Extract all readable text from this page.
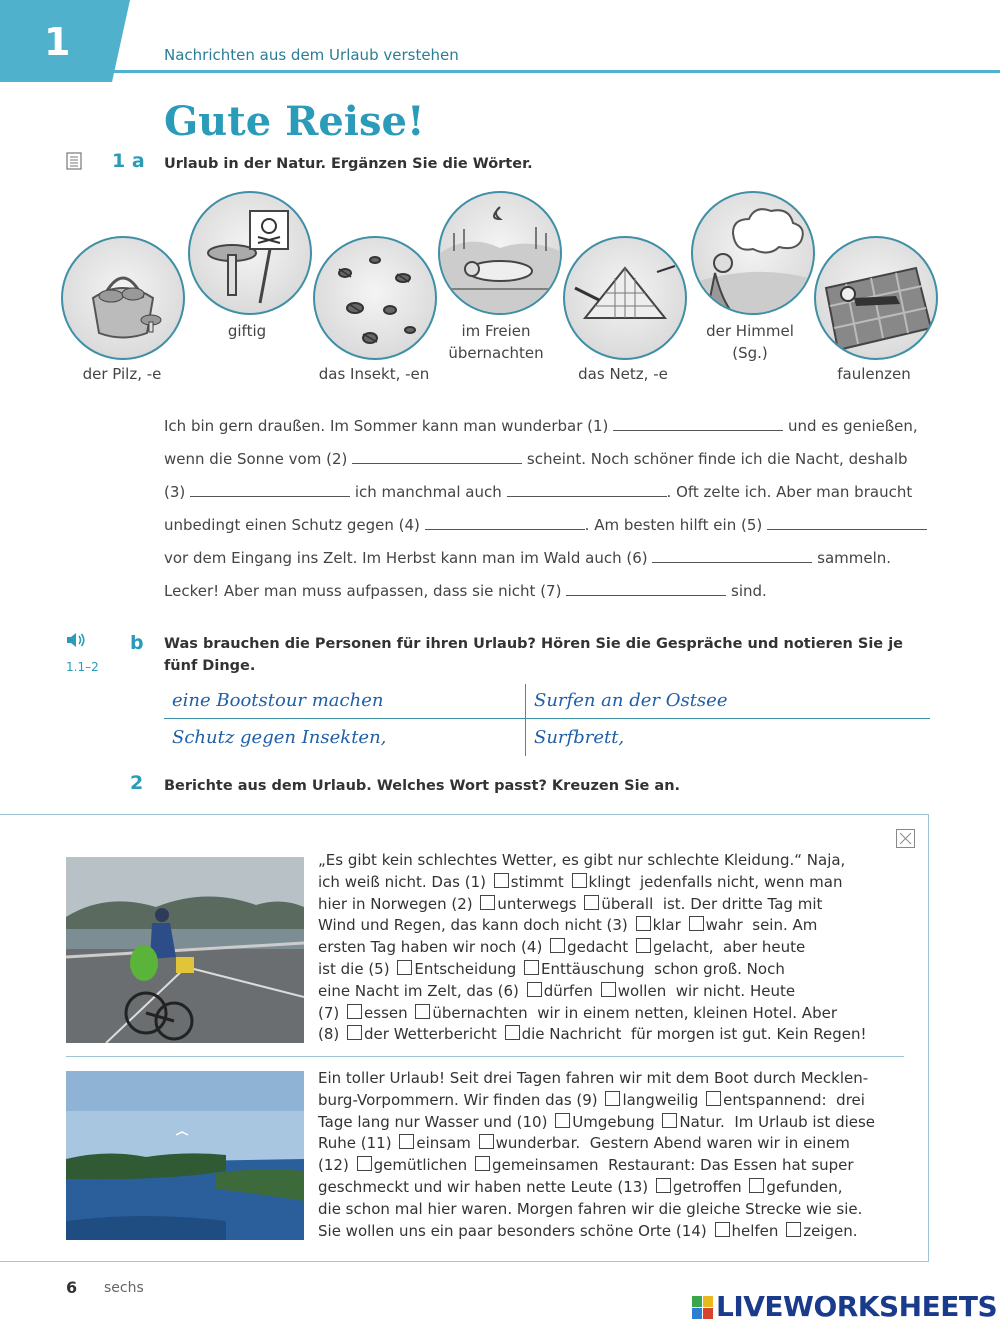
1	Nachrichten aus dem Urlaub verstehen
Gute Reise!
1 a Urlaub in der Natur. Ergänzen Sie die Wörter.
der Pilz, -e
giftig
das Insekt, -en
im Freien
übernachten
das Netz, -e
der Himmel
(Sg.)
faulenzen
Ich bin gern draußen. Im Sommer kann man wunderbar (1)	und es genießen,
wenn die Sonne vom (2)	scheint. Noch schöner finde ich die Nacht, deshalb
(3)	ich manchmal auch	. Oft zelte ich. Aber man braucht
unbedingt einen Schutz gegen (4)	. Am besten hilft ein (5)
vor dem Eingang ins Zelt. Im Herbst kann man im Wald auch (6)	sammeln.
Lecker! Aber man muss aufpassen, dass sie nicht (7)	sind.
1.1–2
b Was brauchen die Personen für ihren Urlaub? Hören Sie die Gespräche und notieren Sie je
fünf Dinge.
eine Bootstour machen	Surfen an der Ostsee
Schutz gegen Insekten,	Surfbrett,
2 Berichte aus dem Urlaub. Welches Wort passt? Kreuzen Sie an.
„Es gibt kein schlechtes Wetter, es gibt nur schlechte Kleidung.“ Naja,
ich weiß nicht. Das (1) stimmt klingt jedenfalls nicht, wenn man
hier in Norwegen (2) unterwegs überall ist. Der dritte Tag mit
Wind und Regen, das kann doch nicht (3) klar wahr sein. Am
ersten Tag haben wir noch (4) gedacht gelacht, aber heute
ist die (5) Entscheidung Enttäuschung schon groß. Noch
eine Nacht im Zelt, das (6) dürfen wollen wir nicht. Heute
(7) essen übernachten wir in einem netten, kleinen Hotel. Aber
(8) der Wetterbericht die Nachricht für morgen ist gut. Kein Regen!
Ein toller Urlaub! Seit drei Tagen fahren wir mit dem Boot durch Mecklen-
burg-Vorpommern. Wir finden das (9) langweilig entspannend: drei
Tage lang nur Wasser und (10) Umgebung Natur. Im Urlaub ist diese
Ruhe (11) einsam wunderbar. Gestern Abend waren wir in einem
(12) gemütlichen gemeinsamen Restaurant: Das Essen hat super
geschmeckt und wir haben nette Leute (13) getroffen gefunden,
die schon mal hier waren. Morgen fahren wir die gleiche Strecke wie sie.
Sie wollen uns ein paar besonders schöne Orte (14) helfen zeigen.
6 sechs
LIVEWORKSHEETS
